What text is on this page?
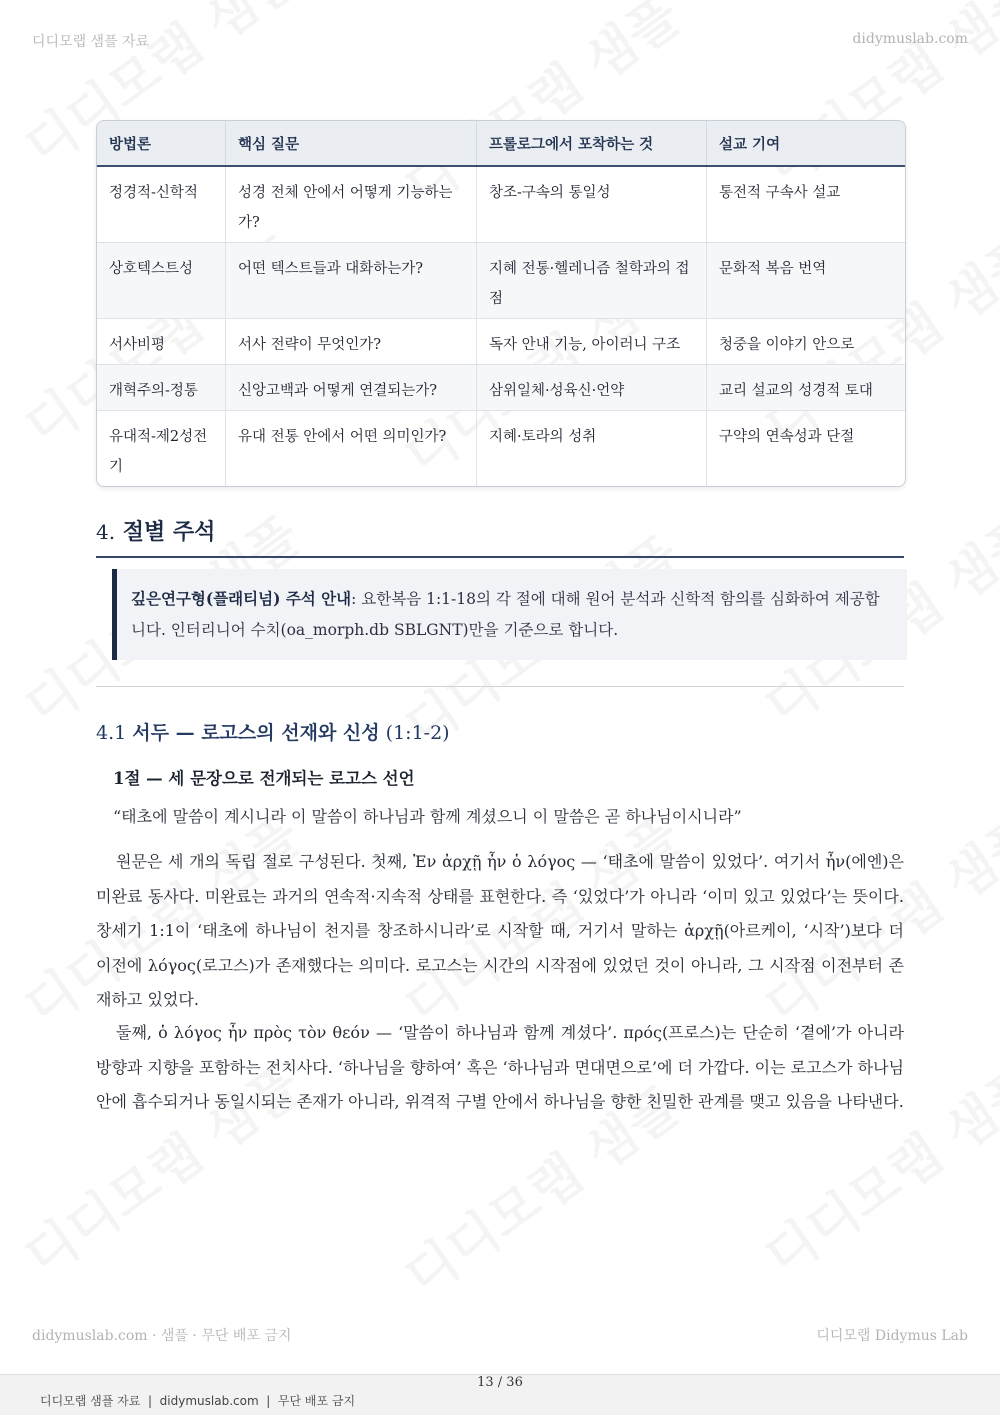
디디모랩 샘플 자료	didymuslab.com
방법론	핵심 질문	프롤로그에서 포착하는 것	설교 기여
정경적-신학적	성경 전체 안에서 어떻게 기능하는가?	창조-구속의 통일성	통전적 구속사 설교
상호텍스트성	어떤 텍스트들과 대화하는가?	지혜 전통·헬레니즘 철학과의 접점	문화적 복음 번역
서사비평	서사 전략이 무엇인가?	독자 안내 기능, 아이러니 구조	청중을 이야기 안으로
개혁주의-정통	신앙고백과 어떻게 연결되는가?	삼위일체·성육신·언약	교리 설교의 성경적 토대
유대적-제2성전기	유대 전통 안에서 어떤 의미인가?	지혜·토라의 성취	구약의 연속성과 단절
4. 절별 주석
깊은연구형(플래티넘) 주석 안내: 요한복음 1:1-18의 각 절에 대해 원어 분석과 신학적 함의를 심화하여 제공합니다. 인터리니어 수치(oa_morph.db SBLGNT)만을 기준으로 합니다.
4.1 서두 — 로고스의 선재와 신성 (1:1-2)
1절 — 세 문장으로 전개되는 로고스 선언
“태초에 말씀이 계시니라 이 말씀이 하나님과 함께 계셨으니 이 말씀은 곧 하나님이시니라”
원문은 세 개의 독립 절로 구성된다. 첫째, Ἐν ἀρχῇ ἦν ὁ λόγος — ‘태초에 말씀이 있었다’. 여기서 ἦν(에엔)은 미완료 동사다. 미완료는 과거의 연속적·지속적 상태를 표현한다. 즉 ‘있었다’가 아니라 ‘이미 있고 있었다’는 뜻이다. 창세기 1:1이 ‘태초에 하나님이 천지를 창조하시니라’로 시작할 때, 거기서 말하는 ἀρχῇ(아르케이, ‘시작’)보다 더 이전에 λόγος(로고스)가 존재했다는 의미다. 로고스는 시간의 시작점에 있었던 것이 아니라, 그 시작점 이전부터 존재하고 있었다.
둘째, ὁ λόγος ἦν πρὸς τὸν θεόν — ‘말씀이 하나님과 함께 계셨다’. πρός(프로스)는 단순히 ‘곁에’가 아니라 방향과 지향을 포함하는 전치사다. ‘하나님을 향하여’ 혹은 ‘하나님과 면대면으로’에 더 가깝다. 이는 로고스가 하나님 안에 흡수되거나 동일시되는 존재가 아니라, 위격적 구별 안에서 하나님을 향한 친밀한 관계를 맺고 있음을 나타낸다.
didymuslab.com · 샘플 · 무단 배포 금지	디디모랩 Didymus Lab
디디모랩 샘플 자료  |  didymuslab.com  |  무단 배포 금지
13 / 36
